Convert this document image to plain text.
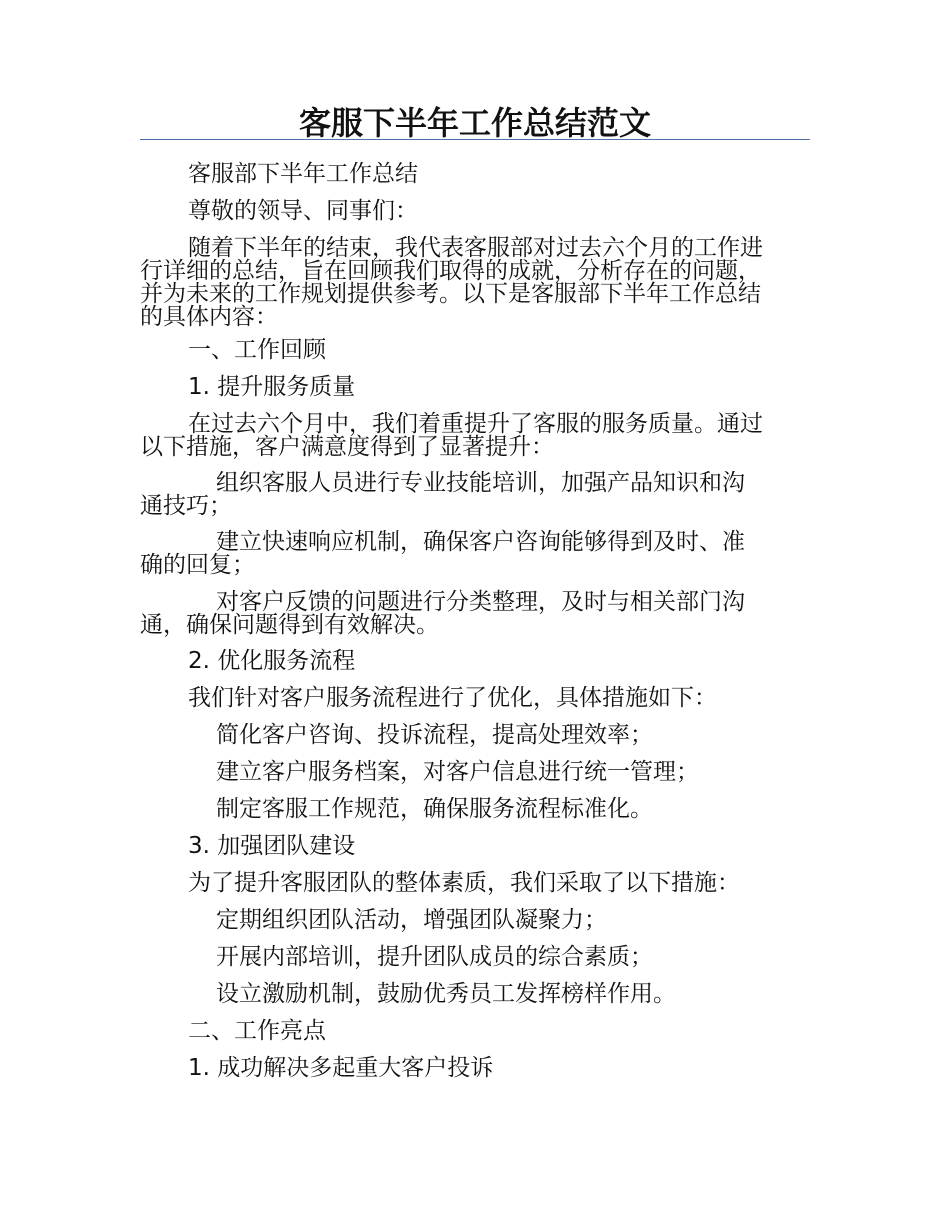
客服下半年工作总结范文
客服部下半年工作总结
尊敬的领导、同事们：
随着下半年的结束，我代表客服部对过去六个月的工作进
行详细的总结，旨在回顾我们取得的成就，分析存在的问题，
并为未来的工作规划提供参考。以下是客服部下半年工作总结
的具体内容：
一、工作回顾
1. 提升服务质量
在过去六个月中，我们着重提升了客服的服务质量。通过
以下措施，客户满意度得到了显著提升：
组织客服人员进行专业技能培训，加强产品知识和沟
通技巧；
建立快速响应机制，确保客户咨询能够得到及时、准
确的回复；
对客户反馈的问题进行分类整理，及时与相关部门沟
通，确保问题得到有效解决。
2. 优化服务流程
我们针对客户服务流程进行了优化，具体措施如下：
简化客户咨询、投诉流程，提高处理效率；
建立客户服务档案，对客户信息进行统一管理；
制定客服工作规范，确保服务流程标准化。
3. 加强团队建设
为了提升客服团队的整体素质，我们采取了以下措施：
定期组织团队活动，增强团队凝聚力；
开展内部培训，提升团队成员的综合素质；
设立激励机制，鼓励优秀员工发挥榜样作用。
二、工作亮点
1. 成功解决多起重大客户投诉
